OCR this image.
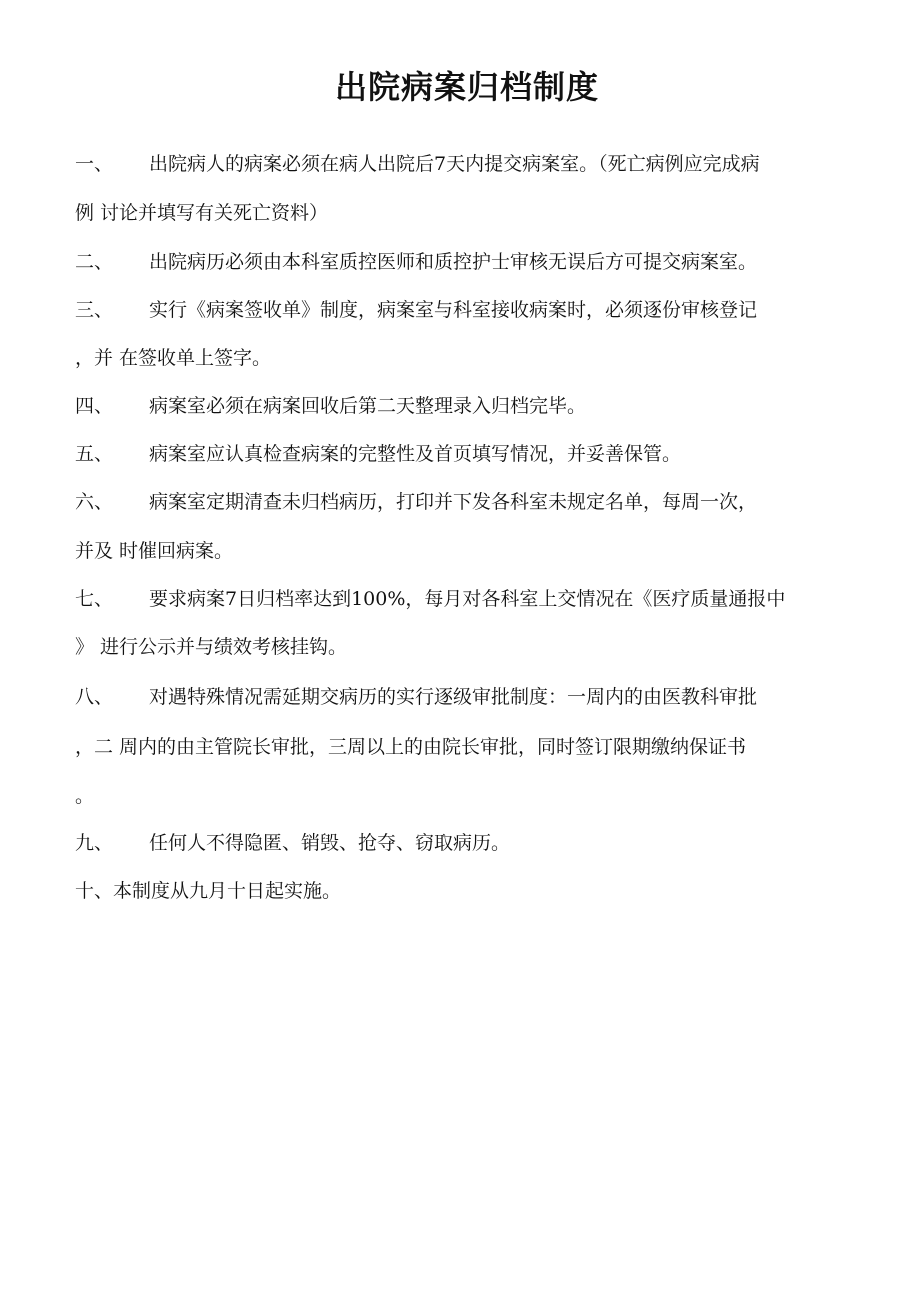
出院病案归档制度
一、 出院病人的病案必须在病人出院后7天内提交病案室。（死亡病例应完成病
例 讨论并填写有关死亡资料）
二、 出院病历必须由本科室质控医师和质控护士审核无误后方可提交病案室。
三、 实行《病案签收单》制度，病案室与科室接收病案时，必须逐份审核登记
，并 在签收单上签字。
四、 病案室必须在病案回收后第二天整理录入归档完毕。
五、 病案室应认真检查病案的完整性及首页填写情况，并妥善保管。
六、 病案室定期清查未归档病历，打印并下发各科室未规定名单，每周一次，
并及 时催回病案。
七、 要求病案7日归档率达到100%，每月对各科室上交情况在《医疗质量通报中
》 进行公示并与绩效考核挂钩。
八、 对遇特殊情况需延期交病历的实行逐级审批制度：一周内的由医教科审批
，二 周内的由主管院长审批，三周以上的由院长审批，同时签订限期缴纳保证书
。
九、 任何人不得隐匿、销毁、抢夺、窃取病历。
十、本制度从九月十日起实施。
